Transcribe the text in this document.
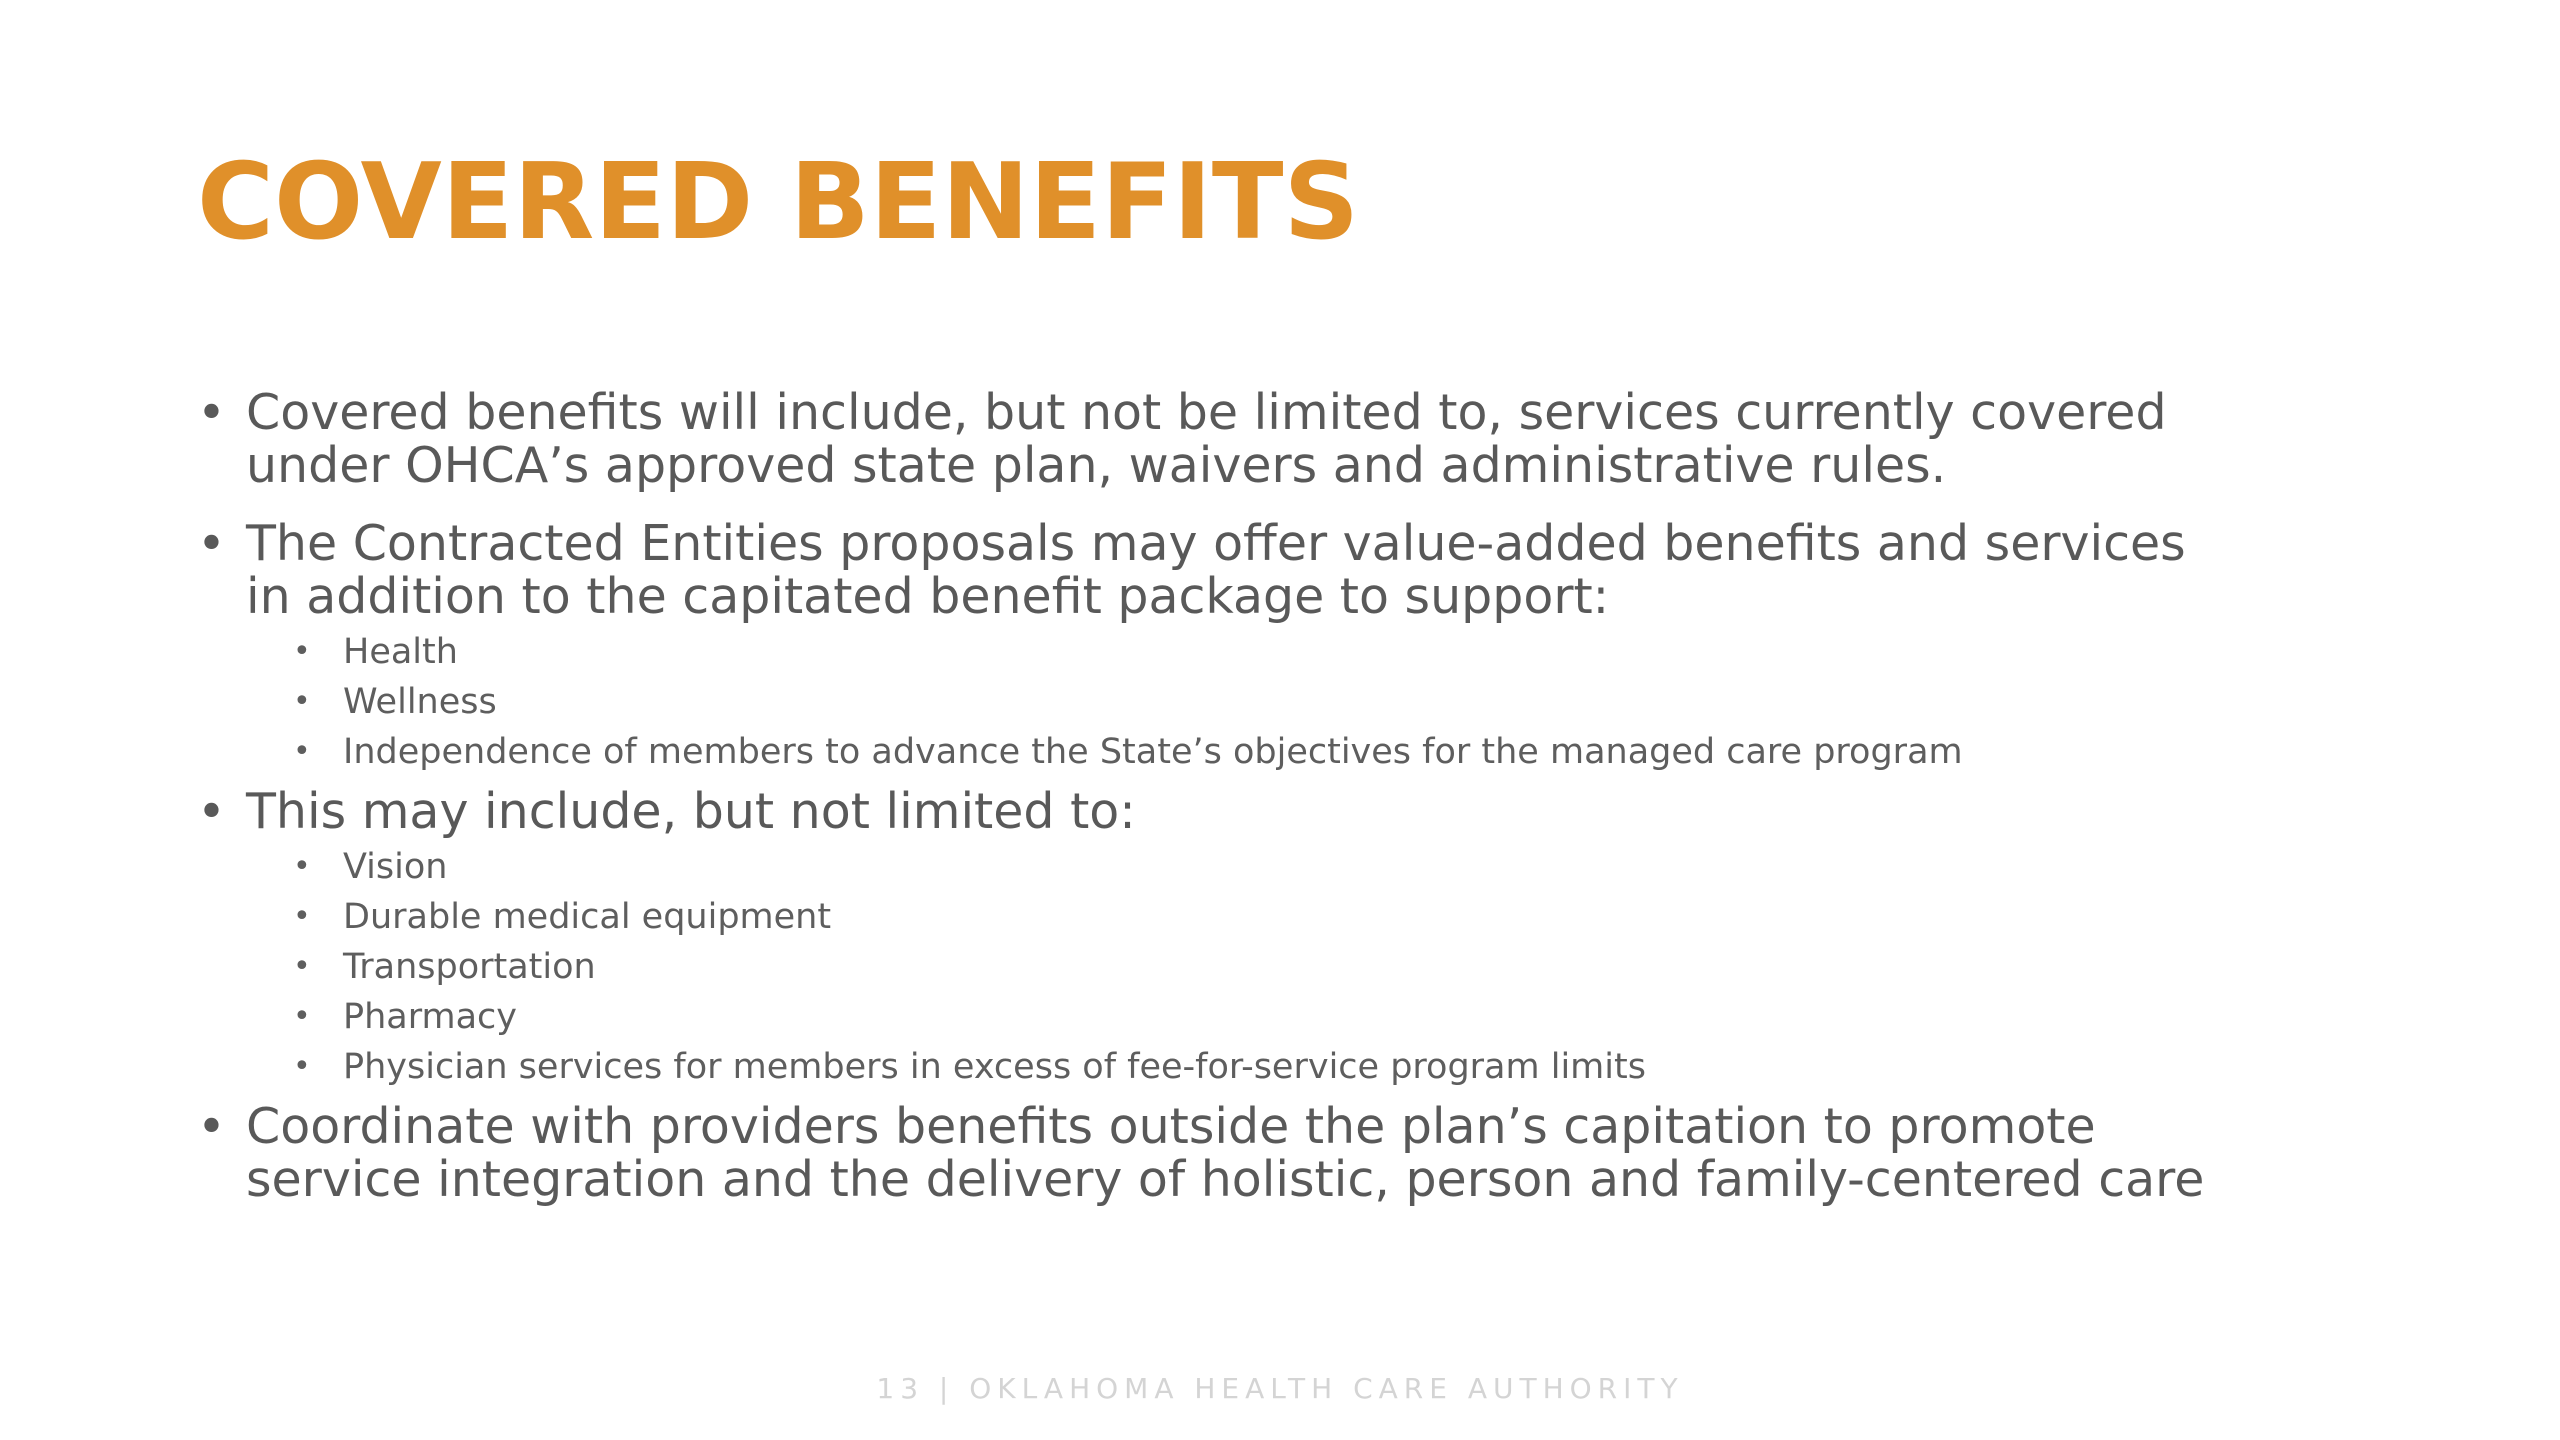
COVERED BENEFITS
• Covered benefits will include, but not be limited to, services currently covered
under OHCA’s approved state plan, waivers and administrative rules.
• The Contracted Entities proposals may offer value-added benefits and services
in addition to the capitated benefit package to support:
• Health
• Wellness
• Independence of members to advance the State’s objectives for the managed care program
• This may include, but not limited to:
• Vision
• Durable medical equipment
• Transportation
• Pharmacy
• Physician services for members in excess of fee-for-service program limits
• Coordinate with providers benefits outside the plan’s capitation to promote
service integration and the delivery of holistic, person and family-centered care
13 | OKLAHOMA HEALTH CARE AUTHORITY
